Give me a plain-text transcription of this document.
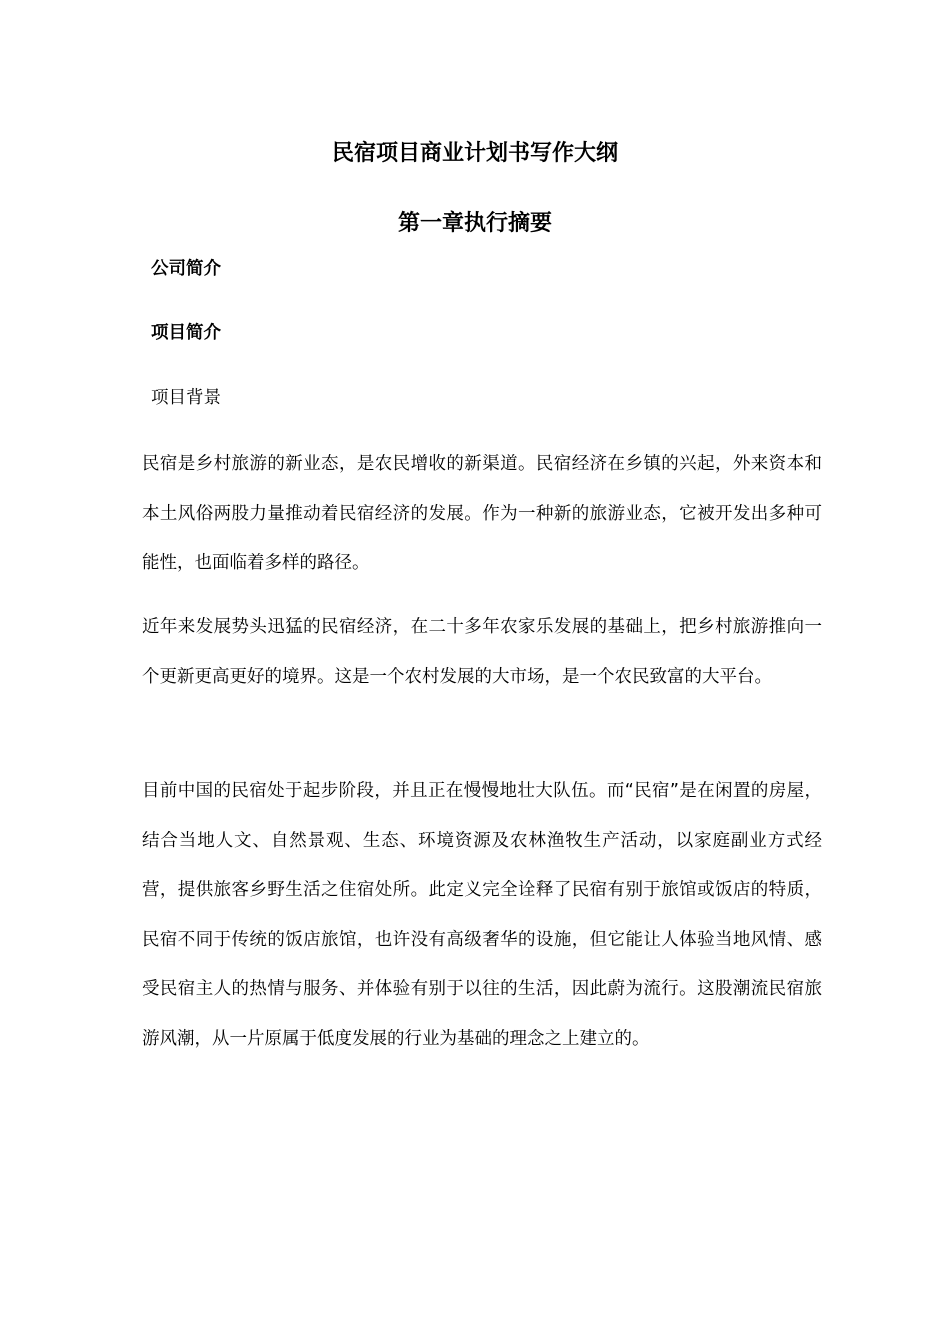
民宿项目商业计划书写作大纲
第一章执行摘要

公司简介

项目简介

项目背景

民宿是乡村旅游的新业态，是农民增收的新渠道。民宿经济在乡镇的兴起，外来资本和本土风俗两股力量推动着民宿经济的发展。作为一种新的旅游业态，它被开发出多种可能性，也面临着多样的路径。

近年来发展势头迅猛的民宿经济，在二十多年农家乐发展的基础上，把乡村旅游推向一个更新更高更好的境界。这是一个农村发展的大市场，是一个农民致富的大平台。

目前中国的民宿处于起步阶段，并且正在慢慢地壮大队伍。而“民宿”是在闲置的房屋，结合当地人文、自然景观、生态、环境资源及农林渔牧生产活动，以家庭副业方式经营，提供旅客乡野生活之住宿处所。此定义完全诠释了民宿有别于旅馆或饭店的特质，民宿不同于传统的饭店旅馆，也许没有高级奢华的设施，但它能让人体验当地风情、感受民宿主人的热情与服务、并体验有别于以往的生活，因此蔚为流行。这股潮流民宿旅游风潮，从一片原属于低度发展的行业为基础的理念之上建立的。
